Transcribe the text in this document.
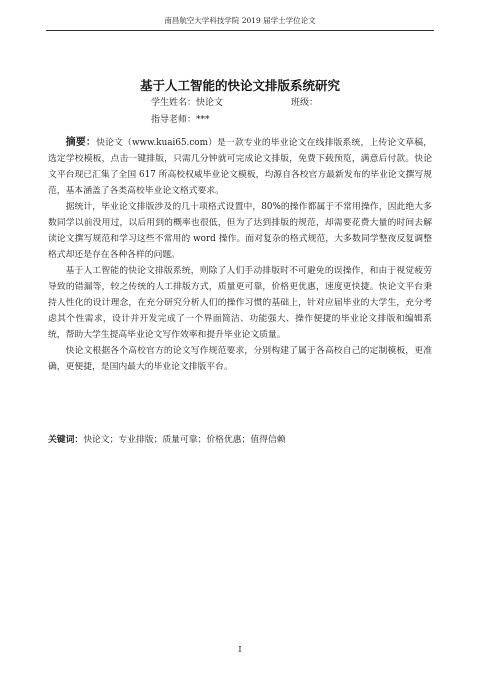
南昌航空大学科技学院 2019 届学士学位论文
基于人工智能的快论文排版系统研究
学生姓名：快论文	班级：
指导老师：***

摘要：快论文（www.kuai65.com）是一款专业的毕业论文在线排版系统，上传论文草稿，选定学校模板，点击一键排版，只需几分钟就可完成论文排版，免费下载预览，满意后付款。快论文平台现已汇集了全国 617 所高校权威毕业论文模板，均源自各校官方最新发布的毕业论文撰写规范，基本涵盖了各类高校毕业论文格式要求。

据统计，毕业论文排版涉及的几十项格式设置中，80%的操作都属于不常用操作，因此绝大多数同学以前没用过，以后用到的概率也很低，但为了达到排版的规范，却需要花费大量的时间去解读论文撰写规范和学习这些不常用的 word 操作。面对复杂的格式规范，大多数同学整夜反复调整格式却还是存在各种各样的问题。

基于人工智能的快论文排版系统，则除了人们手动排版时不可避免的误操作，和由于视觉疲劳导致的错漏等，较之传统的人工排版方式，质量更可靠，价格更优惠，速度更快捷。快论文平台秉持人性化的设计理念，在充分研究分析人们的操作习惯的基础上，针对应届毕业的大学生，充分考虑其个性需求，设计并开发完成了一个界面简洁、功能强大、操作便捷的毕业论文排版和编辑系统，帮助大学生提高毕业论文写作效率和提升毕业论文质量。

快论文根据各个高校官方的论文写作规范要求，分别构建了属于各高校自己的定制模板，更准确，更便捷，是国内最大的毕业论文排版平台。

关键词：快论文；专业排版；质量可靠；价格优惠；值得信赖
I
